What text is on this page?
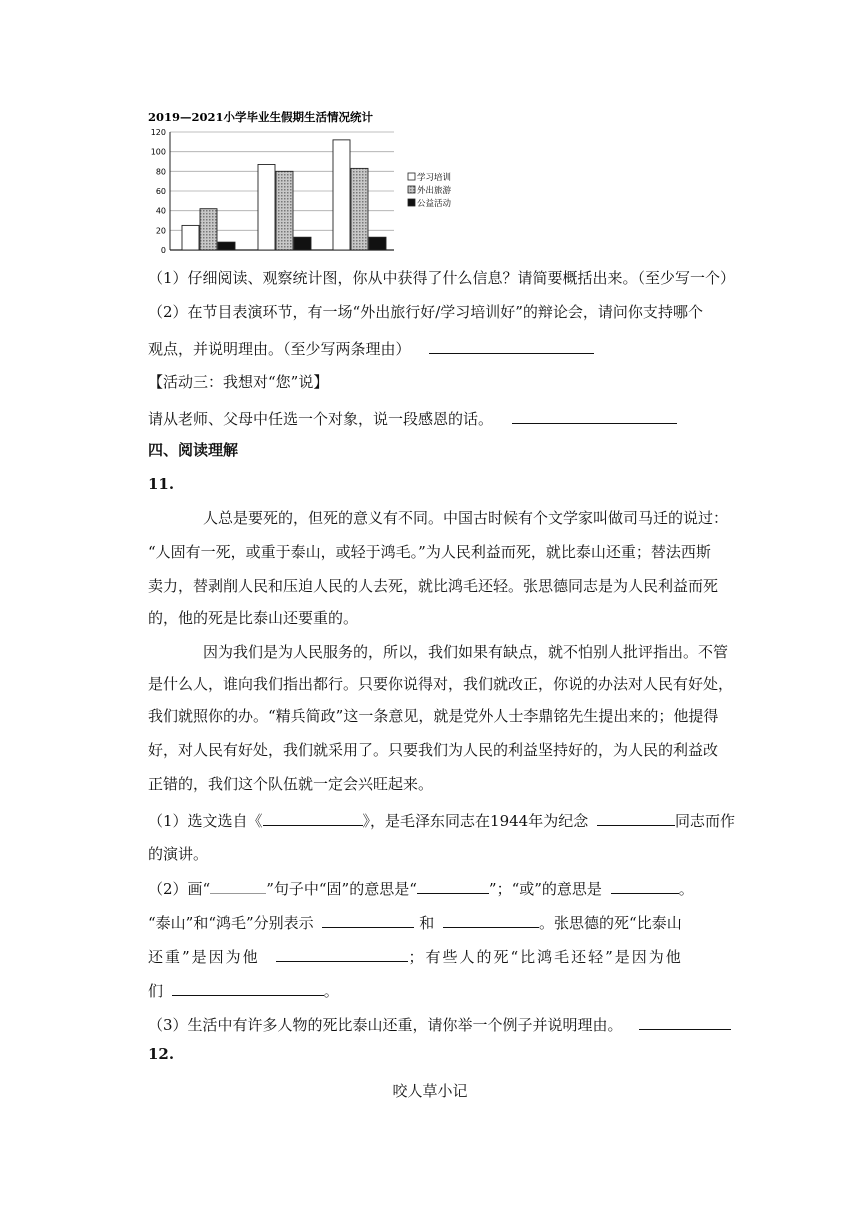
2019—2021小学毕业生假期生活情况统计
0
20
40
60
80
100
120
学习培训
外出旅游
公益活动
（1）仔细阅读、观察统计图，你从中获得了什么信息？请简要概括出来。（至少写一个）
（2）在节目表演环节，有一场“外出旅行好/学习培训好”的辩论会，请问你支持哪个
观点，并说明理由。（至少写两条理由）
【活动三：我想对“您”说】
请从老师、父母中任选一个对象，说一段感恩的话。
四、阅读理解
11.
人总是要死的，但死的意义有不同。中国古时候有个文学家叫做司马迁的说过：
“人固有一死，或重于泰山，或轻于鸿毛。”为人民利益而死，就比泰山还重；替法西斯
卖力，替剥削人民和压迫人民的人去死，就比鸿毛还轻。张思德同志是为人民利益而死
的，他的死是比泰山还要重的。
因为我们是为人民服务的，所以，我们如果有缺点，就不怕别人批评指出。不管
是什么人，谁向我们指出都行。只要你说得对，我们就改正，你说的办法对人民有好处，
我们就照你的办。“精兵简政”这一条意见，就是党外人士李鼎铭先生提出来的；他提得
好，对人民有好处，我们就采用了。只要我们为人民的利益坚持好的，为人民的利益改
正错的，我们这个队伍就一定会兴旺起来。
（1）选文选自《	》，是毛泽东同志在1944年为纪念	同志而作
的演讲。
（2）画“	”句子中“固”的意思是“	”；“或”的意思是	。
“泰山”和“鸿毛”分别表示	和	。张思德的死“比泰山
还重”是因为他	；有些人的死“比鸿毛还轻”是因为他
们	。
（3）生活中有许多人物的死比泰山还重，请你举一个例子并说明理由。
12.
咬人草小记
